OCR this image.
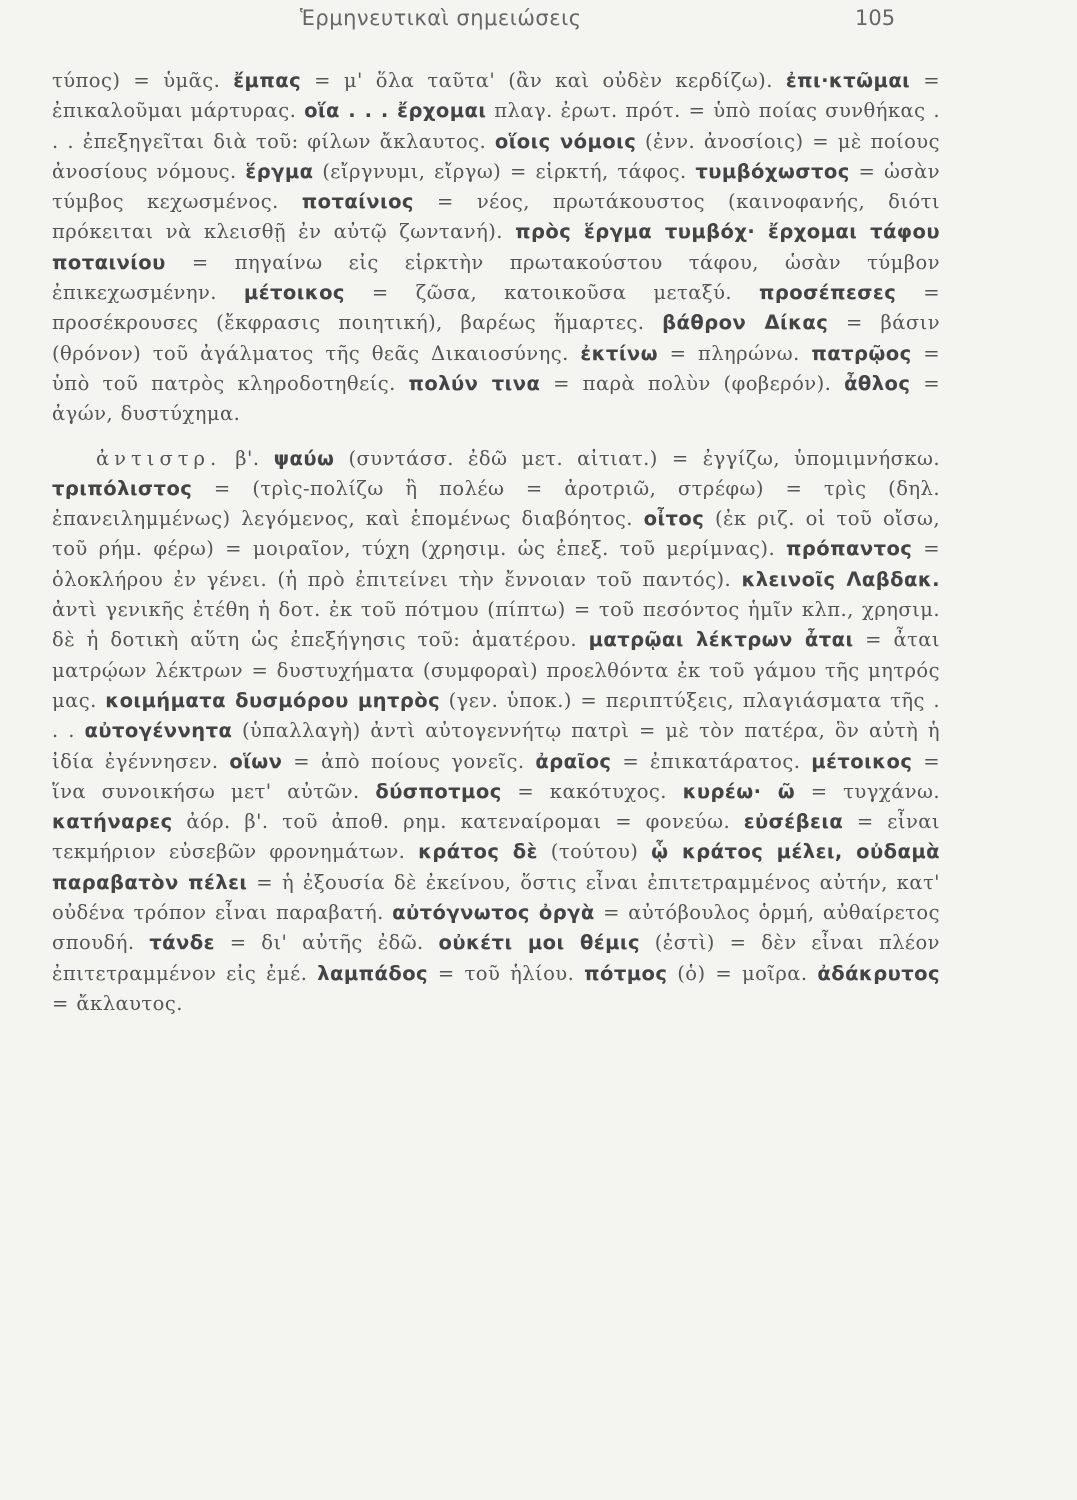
Ἑρμηνευτικαὶ σημειώσεις	105

τύπος) = ὑμᾶς. ἔμπας = μ' ὅλα ταῦτα' (ἂν καὶ οὐδὲν κερδίζω). ἐπι·κτῶμαι = ἐπικαλοῦμαι μάρτυρας. οἵα . . . ἔρχομαι πλαγ. ἐρωτ. πρότ. = ὑπὸ ποίας συνθήκας . . . ἐπεξηγεῖται διὰ τοῦ: φίλων ἄκλαυτος. οἵοις νόμοις (ἐνν. ἀνοσίοις) = μὲ ποίους ἀνοσίους νόμους. ἕργμα (εἴργνυμι, εἴργω) = εἱρκτή, τάφος. τυμβόχωστος = ὡσὰν τύμβος κεχωσμένος. ποταίνιος = νέος, πρωτάκουστος (καινοφανής, διότι πρόκειται νὰ κλεισθῇ ἐν αὐτῷ ζωντανή). πρὸς ἕργμα τυμβόχ· ἔρχομαι τάφου ποταινίου = πηγαίνω εἰς εἱρκτὴν πρωτακούστου τάφου, ὡσὰν τύμβον ἐπικεχωσμένην. μέτοικος = ζῶσα, κατοικοῦσα μεταξύ. προσέπεσες = προσέκρουσες (ἔκφρασις ποιητική), βαρέως ἥμαρτες. βάθρον Δίκας = βάσιν (θρόνον) τοῦ ἀγάλματος τῆς θεᾶς Δικαιοσύνης. ἐκτίνω = πληρώνω. πατρῷος = ὑπὸ τοῦ πατρὸς κληροδοτηθείς. πολύν τινα = παρὰ πολὺν (φοβερόν). ἆθλος = ἀγών, δυστύχημα.

ἀντιστρ. β'. ψαύω (συντάσσ. ἐδῶ μετ. αἰτιατ.) = ἐγγίζω, ὑπομιμνήσκω. τριπόλιστος = (τρὶς-πολίζω ἢ πολέω = ἀροτριῶ, στρέφω) = τρὶς (δηλ. ἐπανειλημμένως) λεγόμενος, καὶ ἑπομένως διαβόητος. οἶτος (ἐκ ριζ. οἰ τοῦ οἴσω, τοῦ ρήμ. φέρω) = μοιραῖον, τύχη (χρησιμ. ὡς ἐπεξ. τοῦ μερίμνας). πρόπαντος = ὁλοκλήρου ἐν γένει. (ἡ πρὸ ἐπιτείνει τὴν ἔννοιαν τοῦ παντός). κλεινοῖς Λαβδακ. ἀντὶ γενικῆς ἐτέθη ἡ δοτ. ἐκ τοῦ πότμου (πίπτω) = τοῦ πεσόντος ἡμῖν κλπ., χρησιμ. δὲ ἡ δοτικὴ αὕτη ὡς ἐπεξήγησις τοῦ: ἁματέρου. ματρῷαι λέκτρων ἆται = ἆται ματρῴων λέκτρων = δυστυχήματα (συμφοραὶ) προελθόντα ἐκ τοῦ γάμου τῆς μητρός μας. κοιμήματα δυσμόρου μητρὸς (γεν. ὑποκ.) = περιπτύξεις, πλαγιάσματα τῆς . . . αὐτογέννητα (ὑπαλλαγὴ) ἀντὶ αὐτογεννήτῳ πατρὶ = μὲ τὸν πατέρα, ὃν αὐτὴ ἡ ἰδία ἐγέννησεν. οἵων = ἀπὸ ποίους γονεῖς. ἀραῖος = ἐπικατάρατος. μέτοικος = ἵνα συνοικήσω μετ' αὐτῶν. δύσποτμος = κακότυχος. κυρέω· ῶ = τυγχάνω. κατήναρες ἀόρ. β'. τοῦ ἀποθ. ρημ. κατεναίρομαι = φονεύω. εὐσέβεια = εἶναι τεκμήριον εὐσεβῶν φρονημάτων. κράτος δὲ (τούτου) ᾧ κράτος μέλει, οὐδαμὰ παραβατὸν πέλει = ἡ ἐξουσία δὲ ἐκείνου, ὅστις εἶναι ἐπιτετραμμένος αὐτήν, κατ' οὐδένα τρόπον εἶναι παραβατή. αὐτόγνωτος ὀργὰ = αὐτόβουλος ὁρμή, αὐθαίρετος σπουδή. τάνδε = δι' αὐτῆς ἐδῶ. οὐκέτι μοι θέμις (ἐστὶ) = δὲν εἶναι πλέον ἐπιτετραμμένον εἰς ἐμέ. λαμπάδος = τοῦ ἡλίου. πότμος (ὁ) = μοῖρα. ἀδάκρυτος = ἄκλαυτος.
